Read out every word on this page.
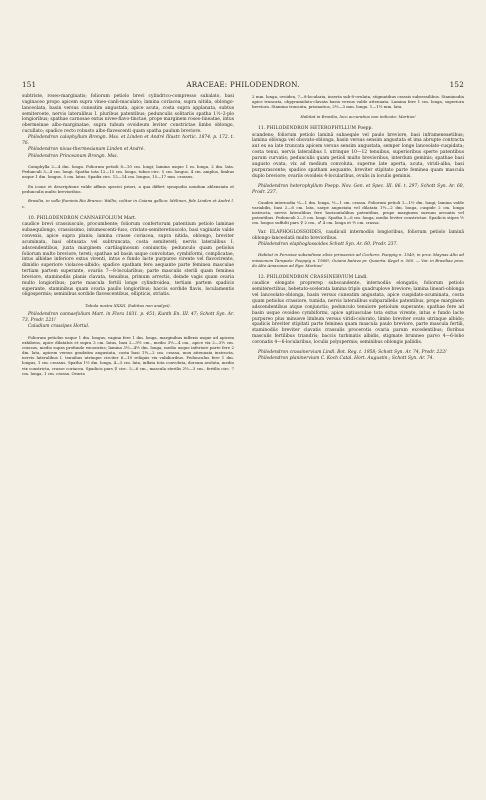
151	ARACEAE: PHILODENDRON.	152

subtriste, roseo-marginatis; foliorum petiolo brevi cylindrico-compresso subalato, basi vaginaceo propo apicem supra vineo-canli-maculato; lamina coriacea, supra nitida, oblongo-lanceolata, basin versus cuneatim angustata, apice acuta, costa supra applanata, subtus semiteroete, nervis lateralibus I. pluribus patentibus; pedunculis solitariis spatha 1½–2-plo longioribus; spathae carnosae extus nivee-flavo-tinctae, prope marginem roseo-lineatae, intus obermeinae albo-marginatae, supra tubum ovoideum leviter constrictae limbo oblongo, cucullato; spadice recto robusto albo-flavescenti quam spatha paulum breviore.

Philodendron calophyllum Brongn. Mss. et Linden et André Illustr. hortic. 1874. p. 172. t. 76.

Philodendron nivus-thermesianum Linden et André.

Philodendron Princeanum Brongn. Mss.

Cataphylla 2—4 dm. longa. Foliorum petioli 8—10 cm. longi; lamina usque 1 m. longa, 2 dm. lata. Pedunculi 3—4 cm. longi. Spatha tota 12—15 cm. longa, tubus circ. 5 cm. longus, 4 cm. amplus, limbus usque 1 dm. longus, 5 cm. latus. Spadix circ. 12—14 cm. longus, 15—17 mm. crassus.

Ex icone et descriptione valde affinis speciei priori, a qua differt synopodio nondum ablensiata et pedunculis multo brevioribus.

Brasilia, in valle fluminis Rio Branco: Wallis; colitur in Caiana gallica: Mélinon, fide Linden et André l. c.

10. PHILODENDRON CANNAEFOLIUM Mart.

caudice brevi crassiusculo, procumbente; foliorum confertorum patentium petiolo laminae subaequilongo, crassissimo, intumescenti-fuso, cristato-semiteretiuscolo, basi vaginatis valde convexis, apice supra planis; lamina crasse coriacea, supra nitida, oblongo, breviter acuminata, basi obtusata vel subtruncata, costa semiteretl; nervis lateralibus I. adscendentibus, juxta marginem cartilaginosum coniunctis; pedunculo quam petiolus foliorum multo breviore, tereti; spathae ad basin usque convolutae, cymbiformi, complicatae, intus albidae inferiore extus virenti, intus e fundo lacte purpureo virente vel flavovirente, dimidio superiore violaceo-albido; spadice spatham fere aequante parte feminea masculae tertiam partem superante, ovariis 7—8-locularibus; parte masculis sterili quam feminea breviore, staminodiis planis clavata, tenuibus, primum arrectis, deinde vagis quam ovaria multo longioribus; parte mascula fertili longe cylindroidea, tertiam partem spadicis superante, staminibus quam ovaria paullo longioribus; baccis sordide flavis, loculamentis oligospermis; seminibus sordide flavescentibus, ellipticis, striatis.

Tabula nostra XXXII. (habitus non analysi).

Philodendron cannaefolium Mart. in Flora 1831. p. 451; Kunth En. III. 47; Schott Syn. Ar. 73, Prodr. 221!

Caladium crassipes Hortul.

Foliorum petiolus usque 1 dm. longus, vagina fere 1 dm. longa, marginibus inflexis usque ad apicem exhibens, apice dilatatus et supra 3 cm. latus, basi 2—3½ cm., medio 3½—4 cm., apice vix 2—3½ cm. crassus, medio supra profunde excavatus; lamina 3½—4½ dm. longa, medio usque inferiore parte fere 2 dm. lata, apicem versus gradatim angustata, costa basi 1½—2 cm. crassa, mox attenuata instructa, nervis lateralibus I. tenuibus utrinque circiter 6—10 reliquis vix validioribus. Pedunculus fere 1 dm. longus, 1 cm. crassus. Spatha 1½ dm. longa, 4—5 cm. lata, inflata tota convoluta, dorsum avoluta, medio vix constricta, crasse coriacea. Spadicis pars ♀ circ. 5—6 cm., mascula sterilis 2½—3 cm., fertilis circ. 7 cm. longa, 1 cm. crassa. Ovaria

2 mm. longa, ovoidea, 7—8-locularia, inserta sub-8-ovulata, stigmatibus crassis subsessilibus. Staminodia apice truncata, obpyramidato-clavata basin versus valde attenuata. Lamina fere 1 cm. longa, superiora breviora. Stamina truncata, prismatica, 2½—3 mm. longa. 1—1½ mm. lata.

Habitat in Brasilia, loco accuratius non indicato: Martius!

11. PHILODENDRON HETEROPHYLLUM Poepp.

scandens; foliorum petiolo laminâ subaeqale vel paulo breviore, basi inframeneaetibus; lamina oblonga vel obovato-oblonga, basin versus sensim angustata et ima abrupte contracta aut ex ea late truncata apicem versus sensim angustata, semper longe lanceolato-cuspidata; costa tenui, nervis lateralibus I. utrinque 10—12 tenuibus, superioribus sperte patentibus parum curvatis; pedunculis quam petioli multo brevioribus, interdum geminis; spathae basi augusto ovata, vix ad medium convoluta, superne late aperta, acuta, viridi-alba, basi purpurascente; spadice spatham aequante, breviter stipitato parte feminea quam mascula duplo breviore; ovariis ovoideis 4-locularibus, ovulis in loculis geminis.

Philodendron heterophyllum Poepp. Nov. Gen. et Spec. III. 86. t. 297; Schott Syn. Ar. 60, Prodr. 237.

Caudex internodia ⅛—1 dm. longa, ½—1 cm. crassa. Foliorum petioli 1—1½ dm. longi; lamina valde variabilis, basi 2—6 cm. lata, saepe angustata vel dilatata 1½—2 dm. longa, cuspide 2 cm. longa instructa, nervis lateralibus fere horizontalibus patentibus, prope marginem sursum arcuatis vel patentibus. Pedunculi 2—5 cm. longi. Spatha 5—6 cm. longa, medio leviter constrictae. Spadicis stipes ½ cm. longus suffulti pars ♀ 2 cm., ♂ 4 cm. longa et ½ cm. crassa.

Var. ELAPHOGLOSSOIDES, caudiculi internodiis longioribus, foliorum petiolo laminâ oblongo-lanceolatâ multo brevioribus.

Philodendron elaphoglossoides Schott Syn. Ar. 60, Prodr. 237.

Habitat in Peruviae subandinae silvis primaeviis ad Cochero: Poeppig n. 1540; in prov. Maynas Alto ad missionem Tarapoto: Poeppig n. 1968!; Guiana batava pr. Quaerta: Kegel n. 560. — Var. in Brasiliae prov. do Alto Amazonas ad Ega: Martius!

12. PHILODENDRON CRASSINERVIUM Lindl.

caudice elongato proprerep subscandente, internodiis elongatis; foliorum petiolo semiterectibus, hebetato-scelerata lamina triplo quadruplove breviore; lamina lineari-oblonga vel lanceolato-oblonga, basin versus cuneatim angustata, apice cuspidato-acuminata, costa quam petiolus crassiore, tumida, nervis lateralibus subparallelis patentibus, prope marginem adscendentibus atque conjunctis; pedunculo tenuiore petiolum superante; spathae fere ad basin usque ovoideo cymbiformi, apice aptiusculae tota extus virente, intus e fundo lacte purpureo plus minusve limbum versus viridi-colorato, limbo breviter ovato utrinque albido; spadicis breviter stipitati parte feminea quam mascula paulo breviore, parte mascula fertili, staminodiis breviter clavatis crassulis procerotis ovaria parum excedentibus; floribus masculis fertilibus triandris; baccis turbinatis albidis, stigmate brunneo parvo 4—6-lobo coronatis 4—6-locularibus, loculis polyspermis; seminibus oblongis pallidis.

Philodendron crassinervium Lindl. Bot. Reg. t. 1958; Schott Syn. Ar. 74, Prodr. 222!

Philodendron planinervium C. Koch Catal. Hort. Augustin.; Schott Syn. Ar. 74.
